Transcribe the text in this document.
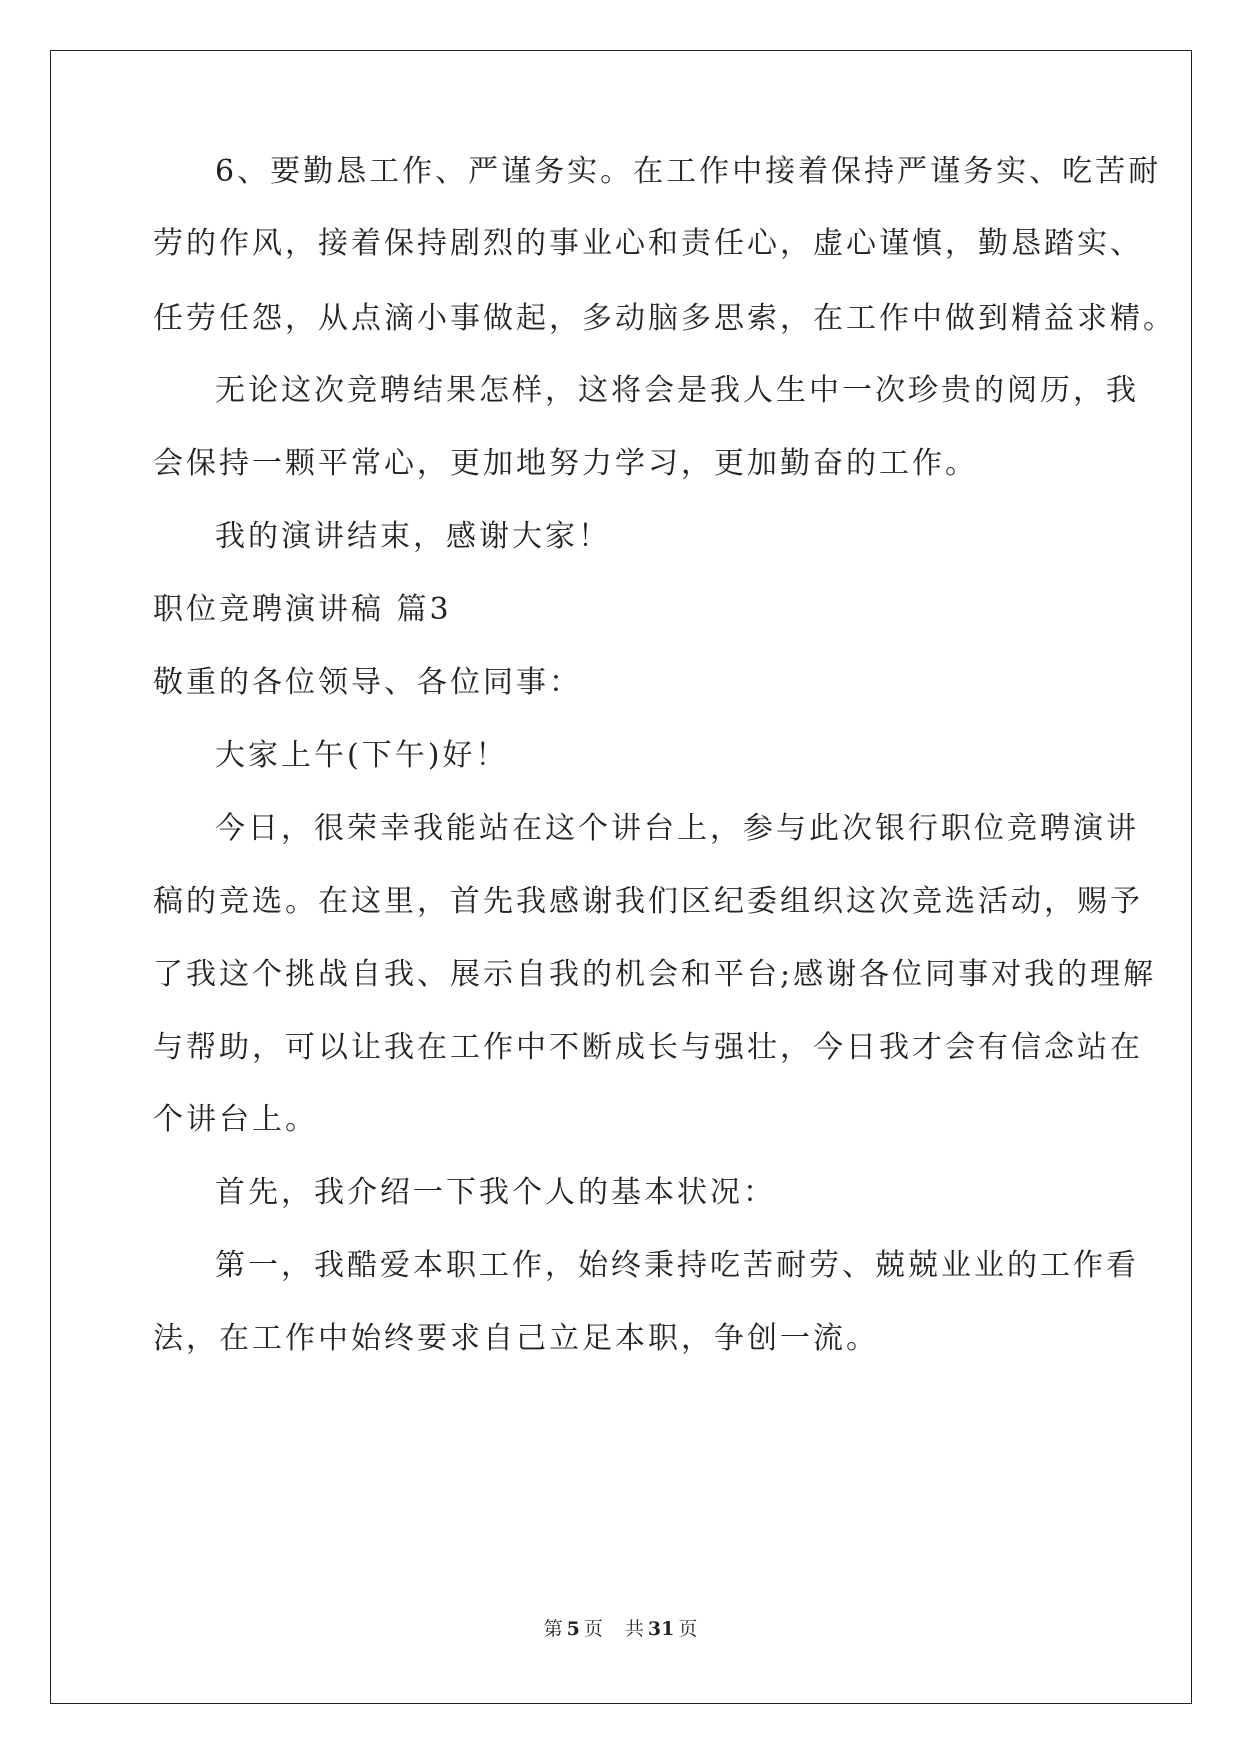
6、要勤恳工作、严谨务实。在工作中接着保持严谨务实、吃苦耐
劳的作风，接着保持剧烈的事业心和责任心，虚心谨慎，勤恳踏实、
任劳任怨，从点滴小事做起，多动脑多思索，在工作中做到精益求精。
无论这次竞聘结果怎样，这将会是我人生中一次珍贵的阅历，我
会保持一颗平常心，更加地努力学习，更加勤奋的工作。
我的演讲结束，感谢大家！
职位竞聘演讲稿 篇3
敬重的各位领导、各位同事：
大家上午(下午)好！
今日，很荣幸我能站在这个讲台上，参与此次银行职位竞聘演讲
稿的竞选。在这里，首先我感谢我们区纪委组织这次竞选活动，赐予
了我这个挑战自我、展示自我的机会和平台;感谢各位同事对我的理解
与帮助，可以让我在工作中不断成长与强壮，今日我才会有信念站在
个讲台上。
首先，我介绍一下我个人的基本状况：
第一，我酷爱本职工作，始终秉持吃苦耐劳、兢兢业业的工作看
法，在工作中始终要求自己立足本职，争创一流。
第 5 页 共 31 页
